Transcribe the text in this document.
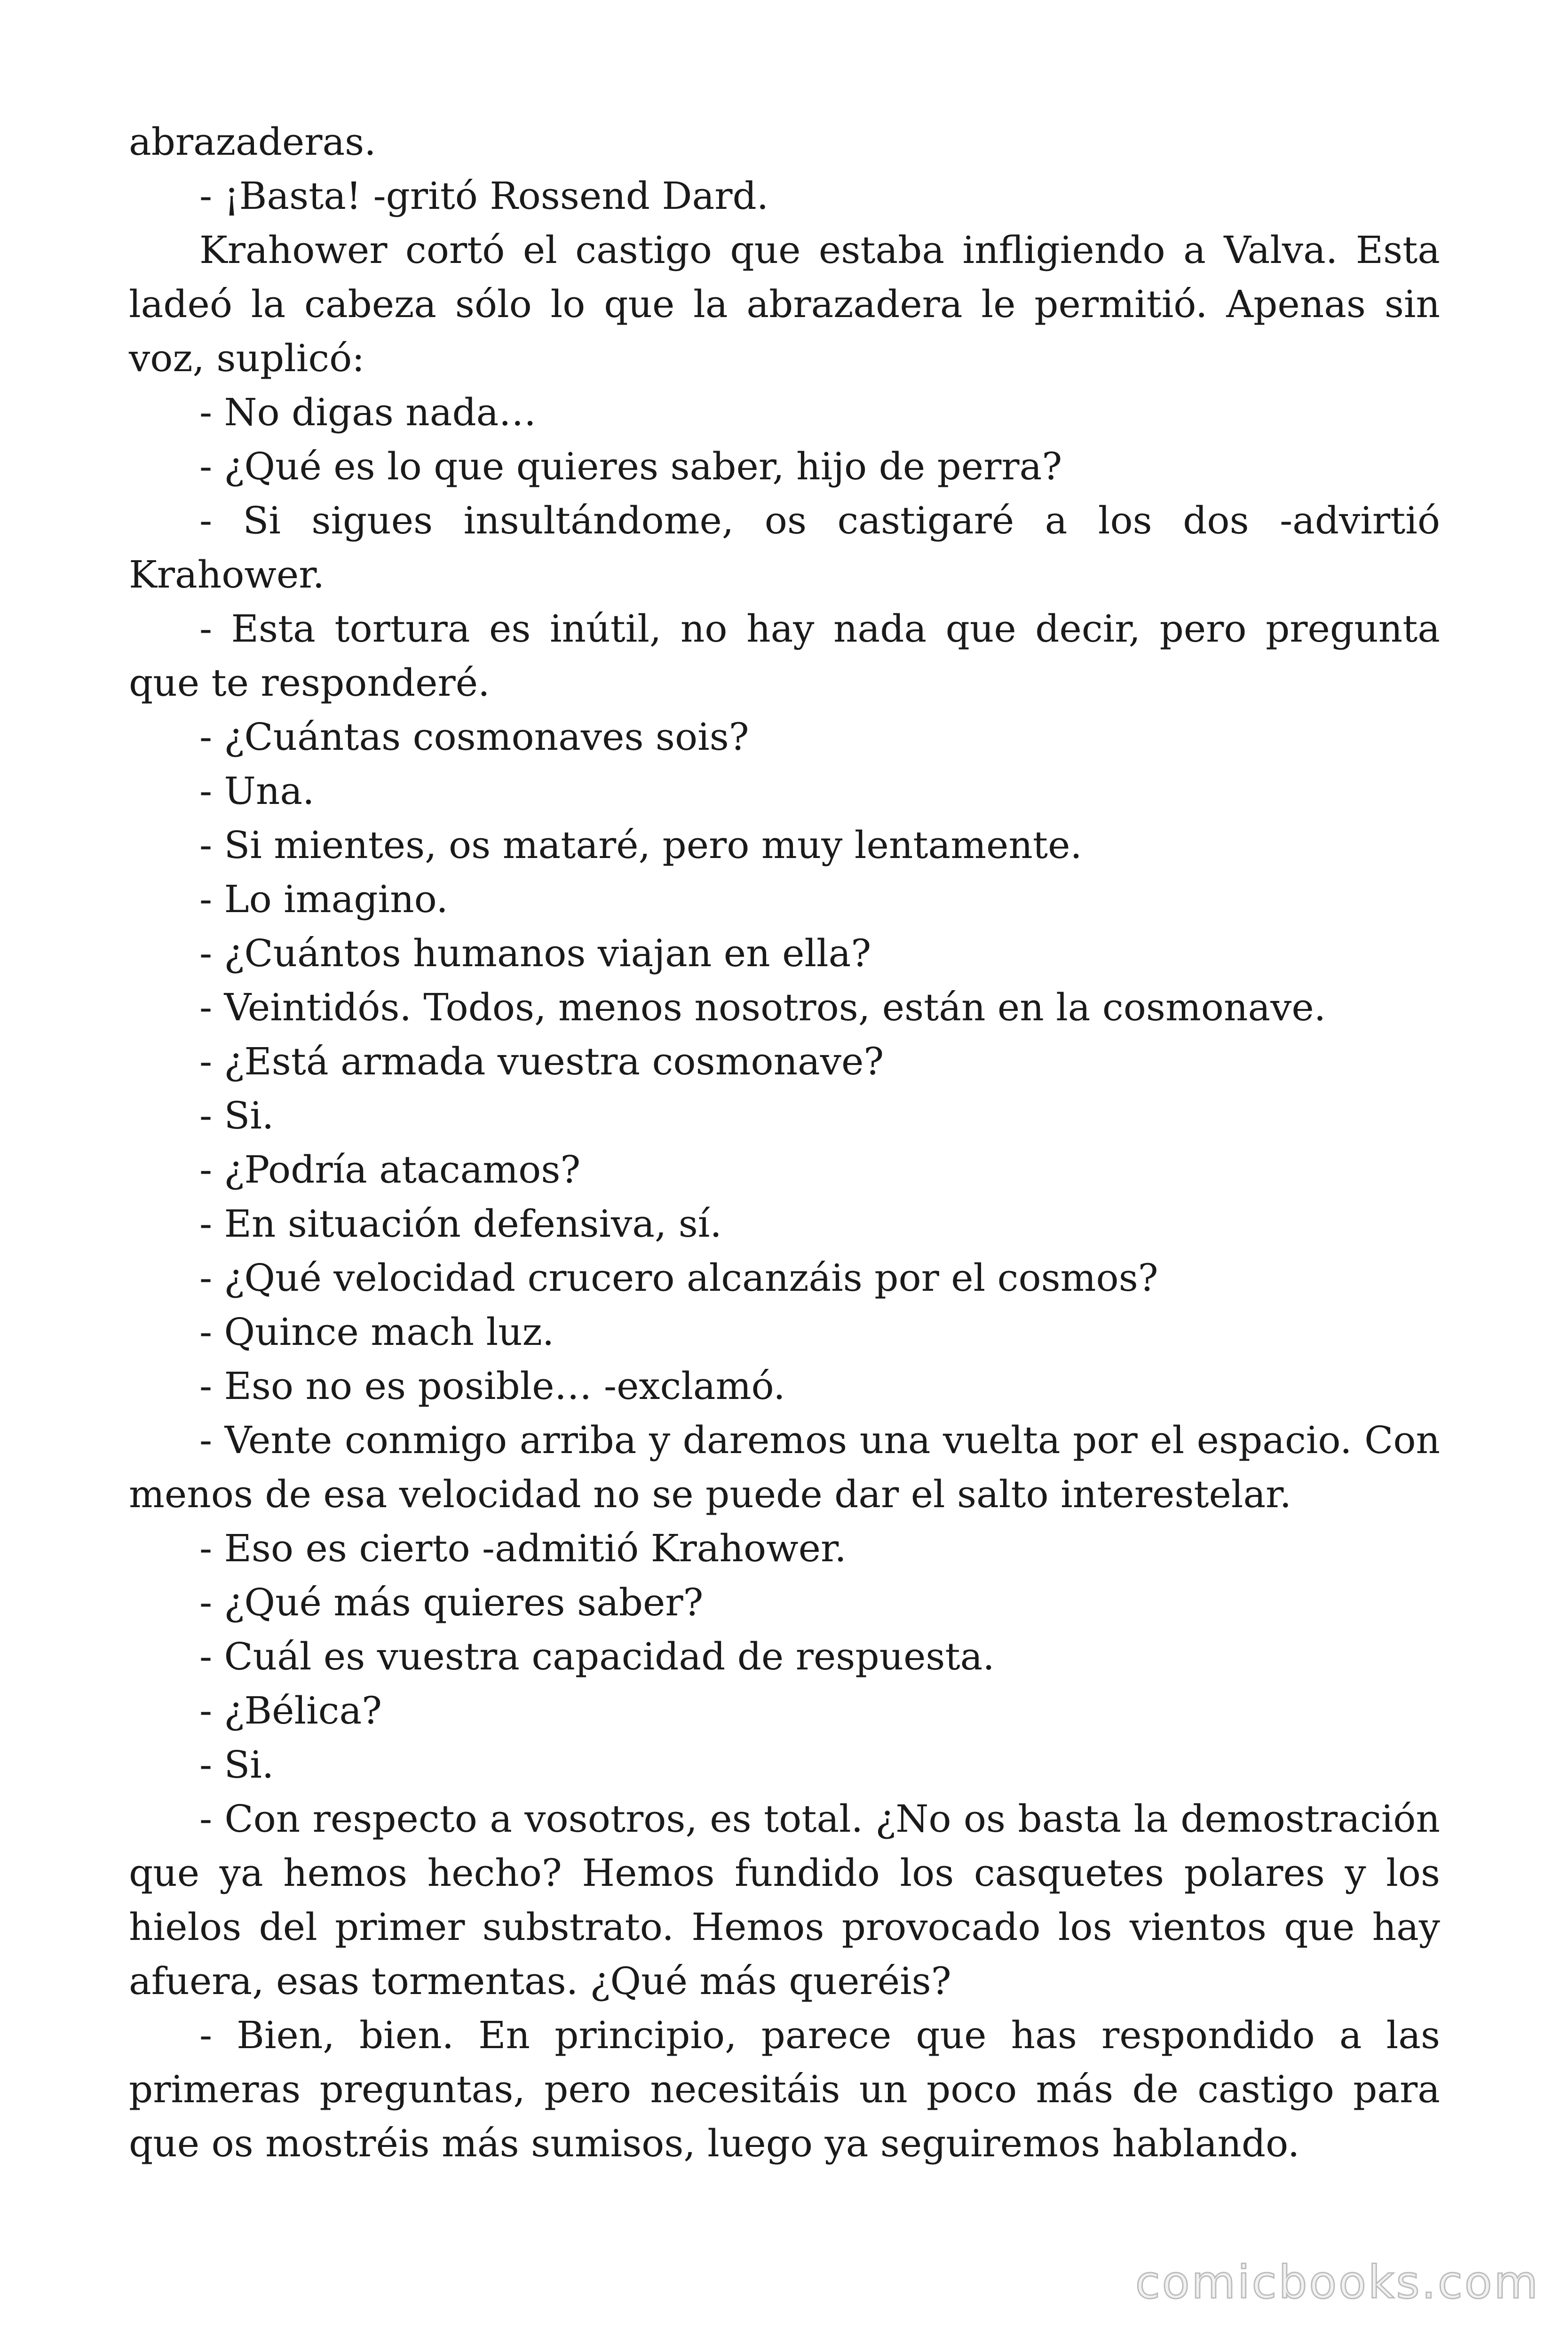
abrazaderas.

- ¡Basta! -gritó Rossend Dard.

Krahower cortó el castigo que estaba infligiendo a Valva. Esta ladeó la cabeza sólo lo que la abrazadera le permitió. Apenas sin voz, suplicó:

- No digas nada…

- ¿Qué es lo que quieres saber, hijo de perra?

- Si sigues insultándome, os castigaré a los dos -advirtió Krahower.

- Esta tortura es inútil, no hay nada que decir, pero pregunta que te responderé.

- ¿Cuántas cosmonaves sois?

- Una.

- Si mientes, os mataré, pero muy lentamente.

- Lo imagino.

- ¿Cuántos humanos viajan en ella?

- Veintidós. Todos, menos nosotros, están en la cosmonave.

- ¿Está armada vuestra cosmonave?

- Si.

- ¿Podría atacamos?

- En situación defensiva, sí.

- ¿Qué velocidad crucero alcanzáis por el cosmos?

- Quince mach luz.

- Eso no es posible… -exclamó.

- Vente conmigo arriba y daremos una vuelta por el espacio. Con menos de esa velocidad no se puede dar el salto interestelar.

- Eso es cierto -admitió Krahower.

- ¿Qué más quieres saber?

- Cuál es vuestra capacidad de respuesta.

- ¿Bélica?

- Si.

- Con respecto a vosotros, es total. ¿No os basta la demostración que ya hemos hecho? Hemos fundido los casquetes polares y los hielos del primer substrato. Hemos provocado los vientos que hay afuera, esas tormentas. ¿Qué más queréis?

- Bien, bien. En principio, parece que has respondido a las primeras preguntas, pero necesitáis un poco más de castigo para que os mostréis más sumisos, luego ya seguiremos hablando.

comicbooks.com
